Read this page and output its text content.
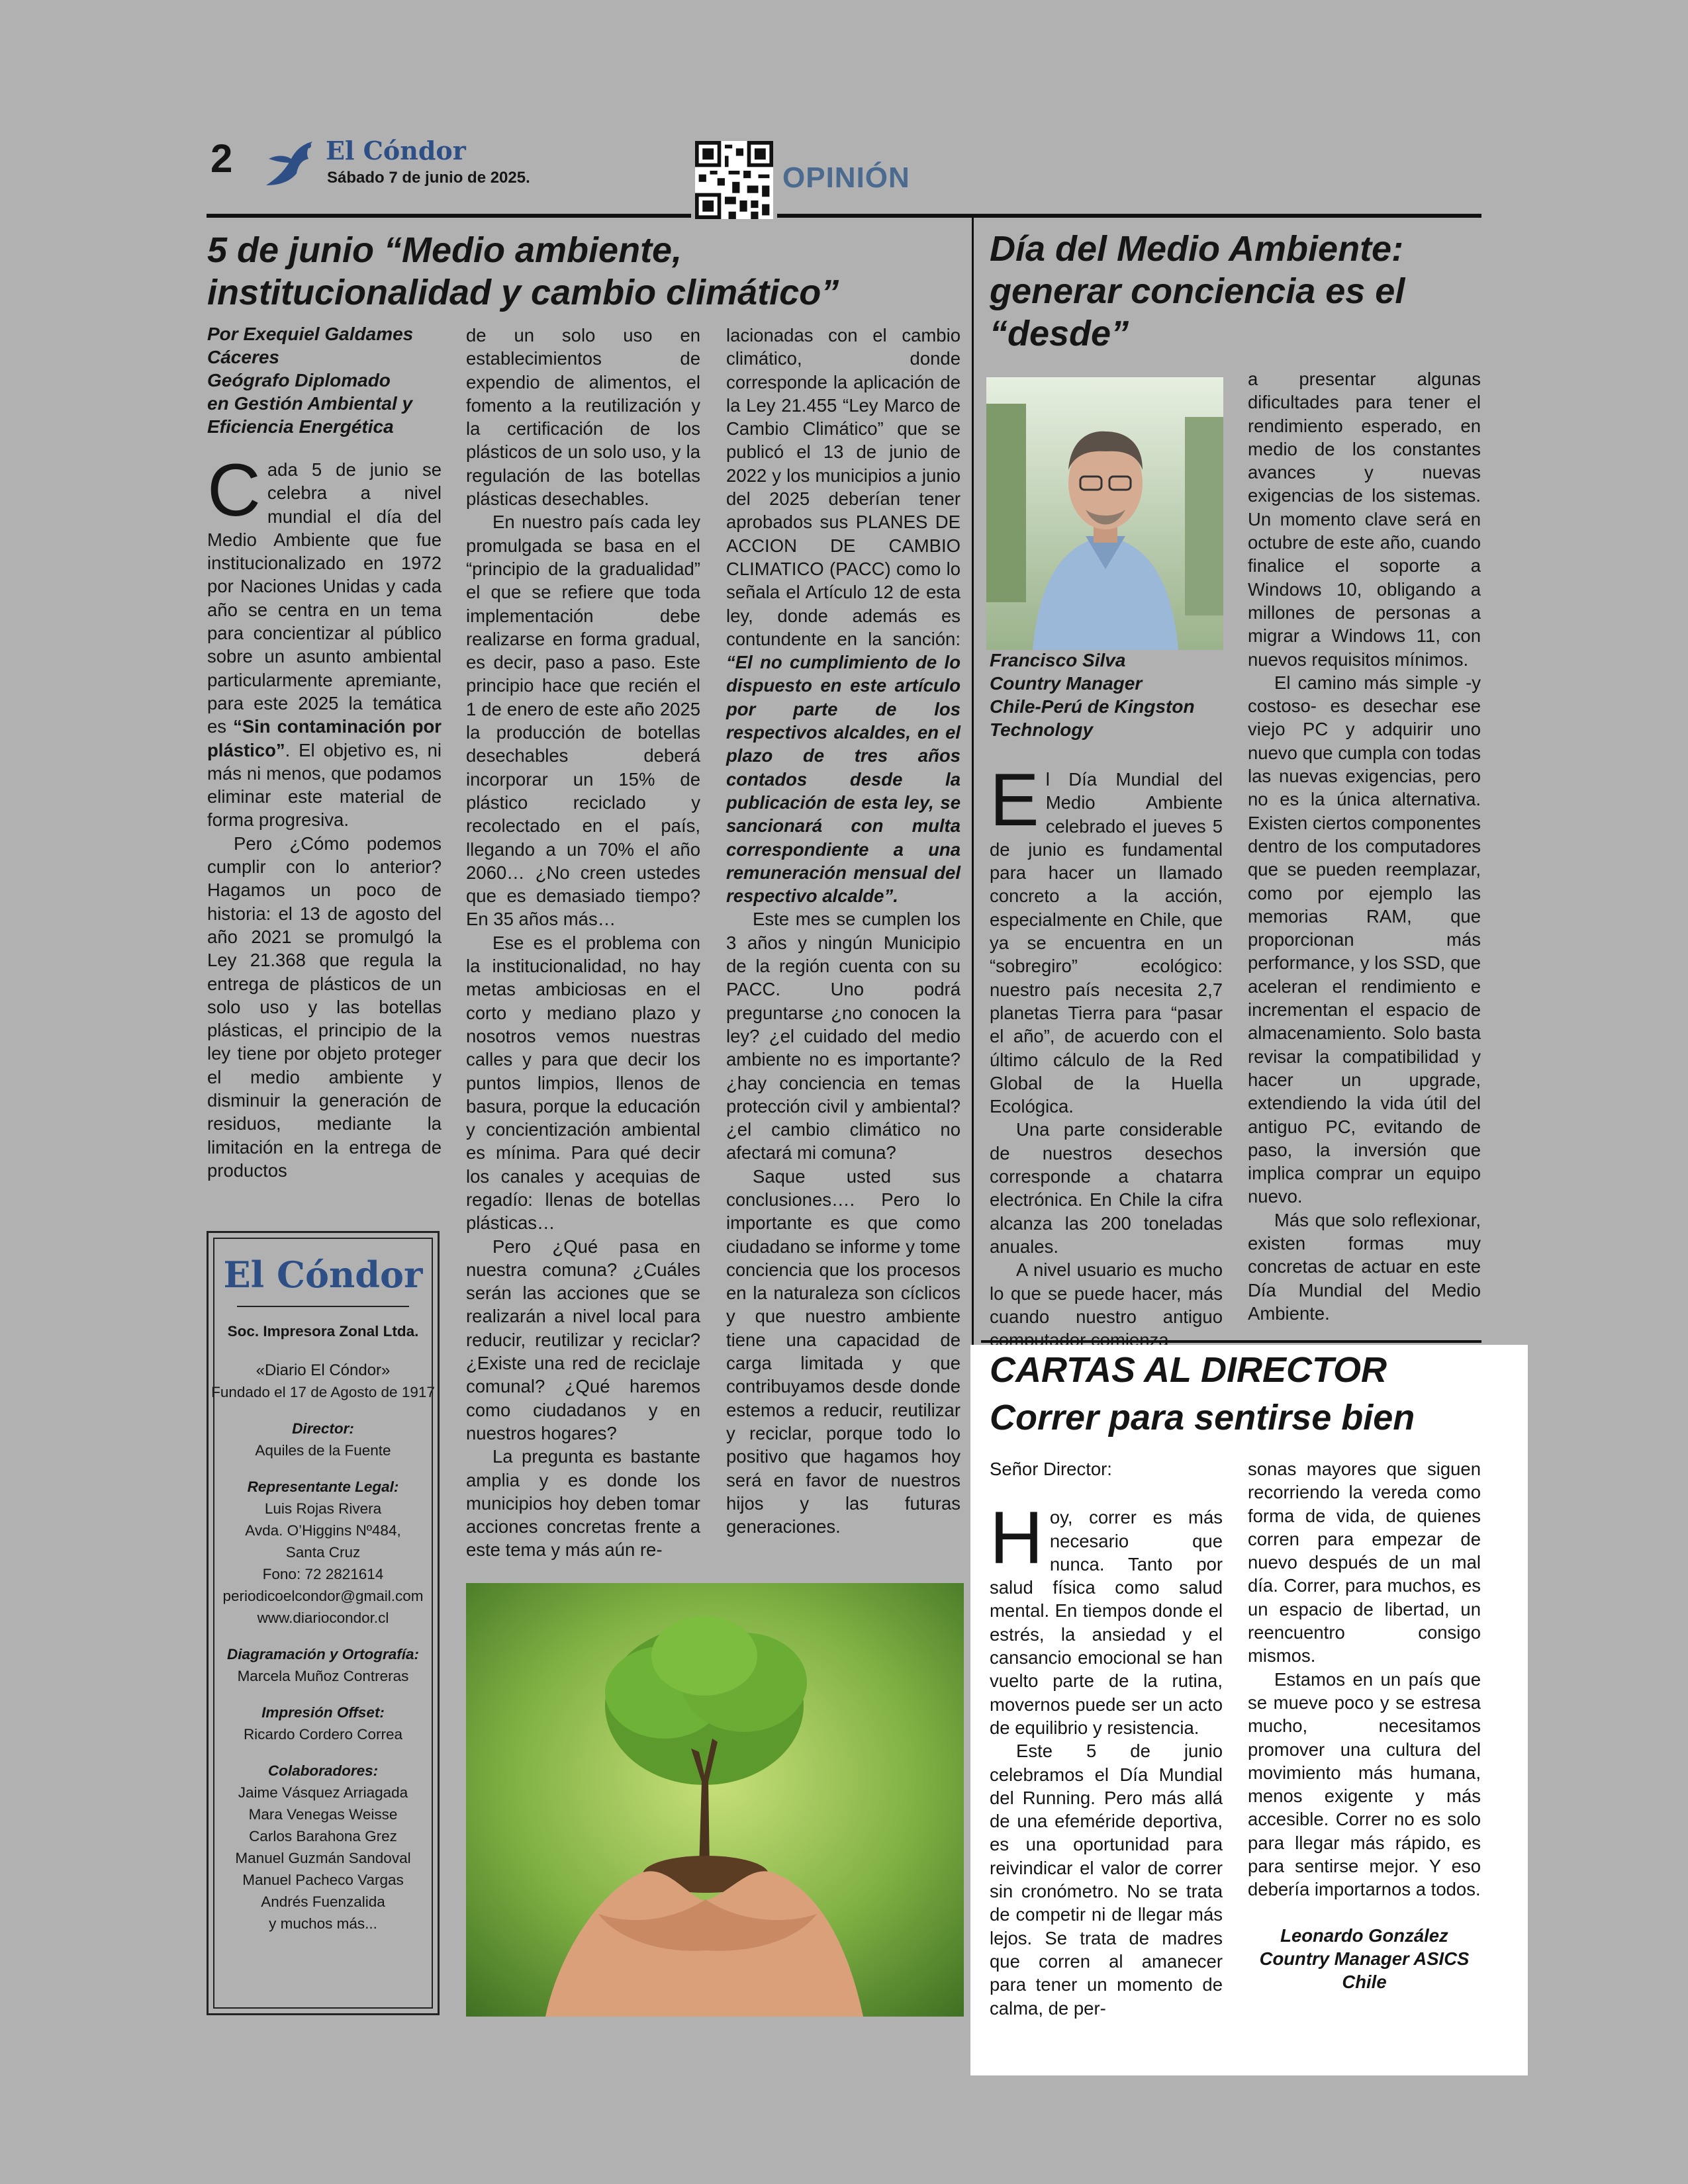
2	El Cóndor
Sábado 7 de junio de 2025.	OPINIÓN
5 de junio “Medio ambiente, institucionalidad y cambio climático”
Por Exequiel Galdames
Cáceres
Geógrafo Diplomado
en Gestión Ambiental y
Eficiencia Energética

Cada 5 de junio se celebra a nivel mundial el día del Medio Ambiente que fue institucionalizado en 1972 por Naciones Unidas y cada año se centra en un tema para concientizar al público sobre un asunto ambiental particularmente apremiante, para este 2025 la temática es “Sin contaminación por plástico”. El objetivo es, ni más ni menos, que podamos eliminar este material de forma progresiva.

Pero ¿Cómo podemos cumplir con lo anterior? Hagamos un poco de historia: el 13 de agosto del año 2021 se promulgó la Ley 21.368 que regula la entrega de plásticos de un solo uso y las botellas plásticas, el principio de la ley tiene por objeto proteger el medio ambiente y disminuir la generación de residuos, mediante la limitación en la entrega de productos

de un solo uso en establecimientos de expendio de alimentos, el fomento a la reutilización y la certificación de los plásticos de un solo uso, y la regulación de las botellas plásticas desechables.

En nuestro país cada ley promulgada se basa en el “principio de la gradualidad” el que se refiere que toda implementación debe realizarse en forma gradual, es decir, paso a paso. Este principio hace que recién el 1 de enero de este año 2025 la producción de botellas desechables deberá incorporar un 15% de plástico reciclado y recolectado en el país, llegando a un 70% el año 2060… ¿No creen ustedes que es demasiado tiempo? En 35 años más…

Ese es el problema con la institucionalidad, no hay metas ambiciosas en el corto y mediano plazo y nosotros vemos nuestras calles y para que decir los puntos limpios, llenos de basura, porque la educación y concientización ambiental es mínima. Para qué decir los canales y acequias de regadío: llenas de botellas plásticas…

Pero ¿Qué pasa en nuestra comuna? ¿Cuáles serán las acciones que se realizarán a nivel local para reducir, reutilizar y reciclar? ¿Existe una red de reciclaje comunal? ¿Qué haremos como ciudadanos y en nuestros hogares?

La pregunta es bastante amplia y es donde los municipios hoy deben tomar acciones concretas frente a este tema y más aún re-

lacionadas con el cambio climático, donde corresponde la aplicación de la Ley 21.455 “Ley Marco de Cambio Climático” que se publicó el 13 de junio de 2022 y los municipios a junio del 2025 deberían tener aprobados sus PLANES DE ACCION DE CAMBIO CLIMATICO (PACC) como lo señala el Artículo 12 de esta ley, donde además es contundente en la sanción: “El no cumplimiento de lo dispuesto en este artículo por parte de los respectivos alcaldes, en el plazo de tres años contados desde la publicación de esta ley, se sancionará con multa correspondiente a una remuneración mensual del respectivo alcalde”.

Este mes se cumplen los 3 años y ningún Municipio de la región cuenta con su PACC. Uno podrá preguntarse ¿no conocen la ley? ¿el cuidado del medio ambiente no es importante? ¿hay conciencia en temas protección civil y ambiental? ¿el cambio climático no afectará mi comuna?

Saque usted sus conclusiones…. Pero lo importante es que como ciudadano se informe y tome conciencia que los procesos en la naturaleza son cíclicos y que nuestro ambiente tiene una capacidad de carga limitada y que contribuyamos desde donde estemos a reducir, reutilizar y reciclar, porque todo lo positivo que hagamos hoy será en favor de nuestros hijos y las futuras generaciones.

El Cóndor
Soc. Impresora Zonal Ltda.
«Diario El Cóndor»
Fundado el 17 de Agosto de 1917
Director:
Aquiles de la Fuente
Representante Legal:
Luis Rojas Rivera
Avda. O’Higgins Nº484,
Santa Cruz
Fono: 72 2821614
periodicoelcondor@gmail.com
www.diariocondor.cl
Diagramación y Ortografía:
Marcela Muñoz Contreras
Impresión Offset:
Ricardo Cordero Correa
Colaboradores:
Jaime Vásquez Arriagada
Mara Venegas Weisse
Carlos Barahona Grez
Manuel Guzmán Sandoval
Manuel Pacheco Vargas
Andrés Fuenzalida
y muchos más...
Día del Medio Ambiente: generar conciencia es el “desde”
Francisco Silva
Country Manager
Chile-Perú de Kingston
Technology

El Día Mundial del Medio Ambiente celebrado el jueves 5 de junio es fundamental para hacer un llamado concreto a la acción, especialmente en Chile, que ya se encuentra en un “sobregiro” ecológico: nuestro país necesita 2,7 planetas Tierra para “pasar el año”, de acuerdo con el último cálculo de la Red Global de la Huella Ecológica.

Una parte considerable de nuestros desechos corresponde a chatarra electrónica. En Chile la cifra alcanza las 200 toneladas anuales.

A nivel usuario es mucho lo que se puede hacer, más cuando nuestro antiguo

a presentar algunas dificultades para tener el rendimiento esperado, en medio de los constantes avances y nuevas exigencias de los sistemas. Un momento clave será en octubre de este año, cuando finalice el soporte a Windows 10, obligando a millones de personas a migrar a Windows 11, con nuevos requisitos mínimos.

El camino más simple -y costoso- es desechar ese viejo PC y adquirir uno nuevo que cumpla con todas las nuevas exigencias, pero no es la única alternativa. Existen ciertos componentes dentro de los computadores que se pueden reemplazar, como por ejemplo las memorias RAM, que proporcionan más performance, y los SSD, que aceleran el rendimiento e incrementan el espacio de almacenamiento. Solo basta revisar la compatibilidad y hacer un upgrade, extendiendo la vida útil del antiguo PC, evitando de paso, la inversión que implica comprar un equipo nuevo.

Más que solo reflexionar, existen formas muy concretas de actuar en este Día Mundial del Medio Ambiente.

CARTAS AL DIRECTOR
Correr para sentirse bien

Señor Director:

Hoy, correr es más necesario que nunca. Tanto por salud física como salud mental. En tiempos donde el estrés, la ansiedad y el cansancio emocional se han vuelto parte de la rutina, movernos puede ser un acto de equilibrio y resistencia.

Este 5 de junio celebramos el Día Mundial del Running. Pero más allá de una efeméride deportiva, es una oportunidad para reivindicar el valor de correr sin cronómetro. No se trata de competir ni de llegar más lejos. Se trata de madres que corren al amanecer para tener un momento de calma, de per-

sonas mayores que siguen recorriendo la vereda como forma de vida, de quienes corren para empezar de nuevo después de un mal día. Correr, para muchos, es un espacio de libertad, un reencuentro consigo mismos.

Estamos en un país que se mueve poco y se estresa mucho, necesitamos promover una cultura del movimiento más humana, menos exigente y más accesible. Correr no es solo para llegar más rápido, es para sentirse mejor. Y eso debería importarnos a todos.

Leonardo González
Country Manager ASICS
Chile
